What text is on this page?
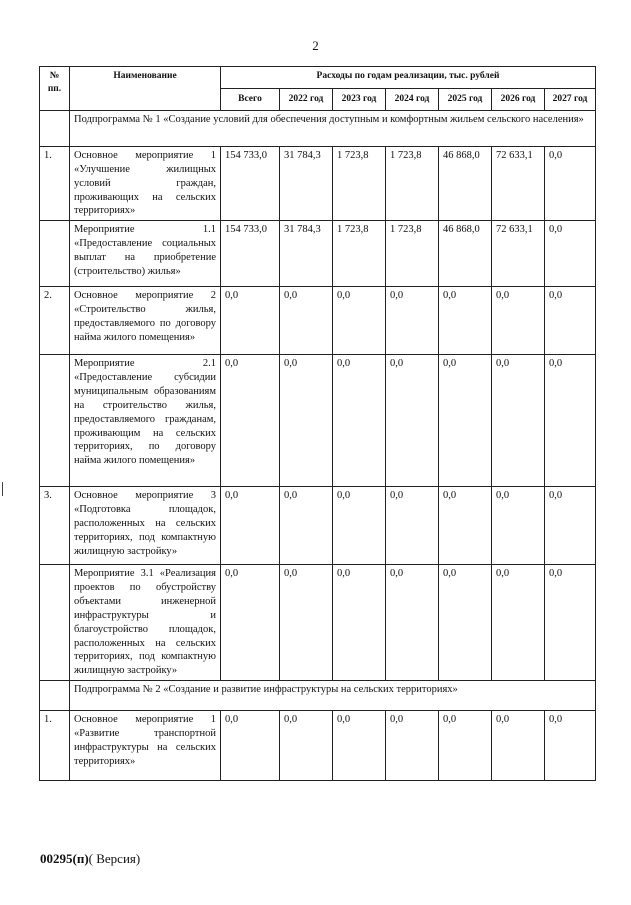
2
№ пп.	Наименование	Расходы по годам реализации, тыс. рублей						
		Всего	2022 год	2023 год	2024 год	2025 год	2026 год	2027 год
	Подпрограмма № 1 «Создание условий для обеспечения доступным и комфортным жильем сельского населения»							
1.	Основное мероприятие 1 «Улучшение жилищных условий граждан, проживающих на сельских территориях»	154 733,0	31 784,3	1 723,8	1 723,8	46 868,0	72 633,1	0,0
	Мероприятие 1.1 «Предоставление социальных выплат на приобретение (строительство) жилья»	154 733,0	31 784,3	1 723,8	1 723,8	46 868,0	72 633,1	0,0
2.	Основное мероприятие 2 «Строительство жилья, предоставляемого по договору найма жилого помещения»	0,0	0,0	0,0	0,0	0,0	0,0	0,0
	Мероприятие 2.1 «Предоставление субсидии муниципальным образованиям на строительство жилья, предоставляемого гражданам, проживающим на сельских территориях, по договору найма жилого помещения»	0,0	0,0	0,0	0,0	0,0	0,0	0,0
3.	Основное мероприятие 3 «Подготовка площадок, расположенных на сельских территориях, под компактную жилищную застройку»	0,0	0,0	0,0	0,0	0,0	0,0	0,0
	Мероприятие 3.1 «Реализация проектов по обустройству объектами инженерной инфраструктуры и благоустройство площадок, расположенных на сельских территориях, под компактную жилищную застройку»	0,0	0,0	0,0	0,0	0,0	0,0	0,0
	Подпрограмма № 2 «Создание и развитие инфраструктуры на сельских территориях»							
1.	Основное мероприятие 1 «Развитие транспортной инфраструктуры на сельских территориях»	0,0	0,0	0,0	0,0	0,0	0,0	0,0
00295(п)( Версия)
